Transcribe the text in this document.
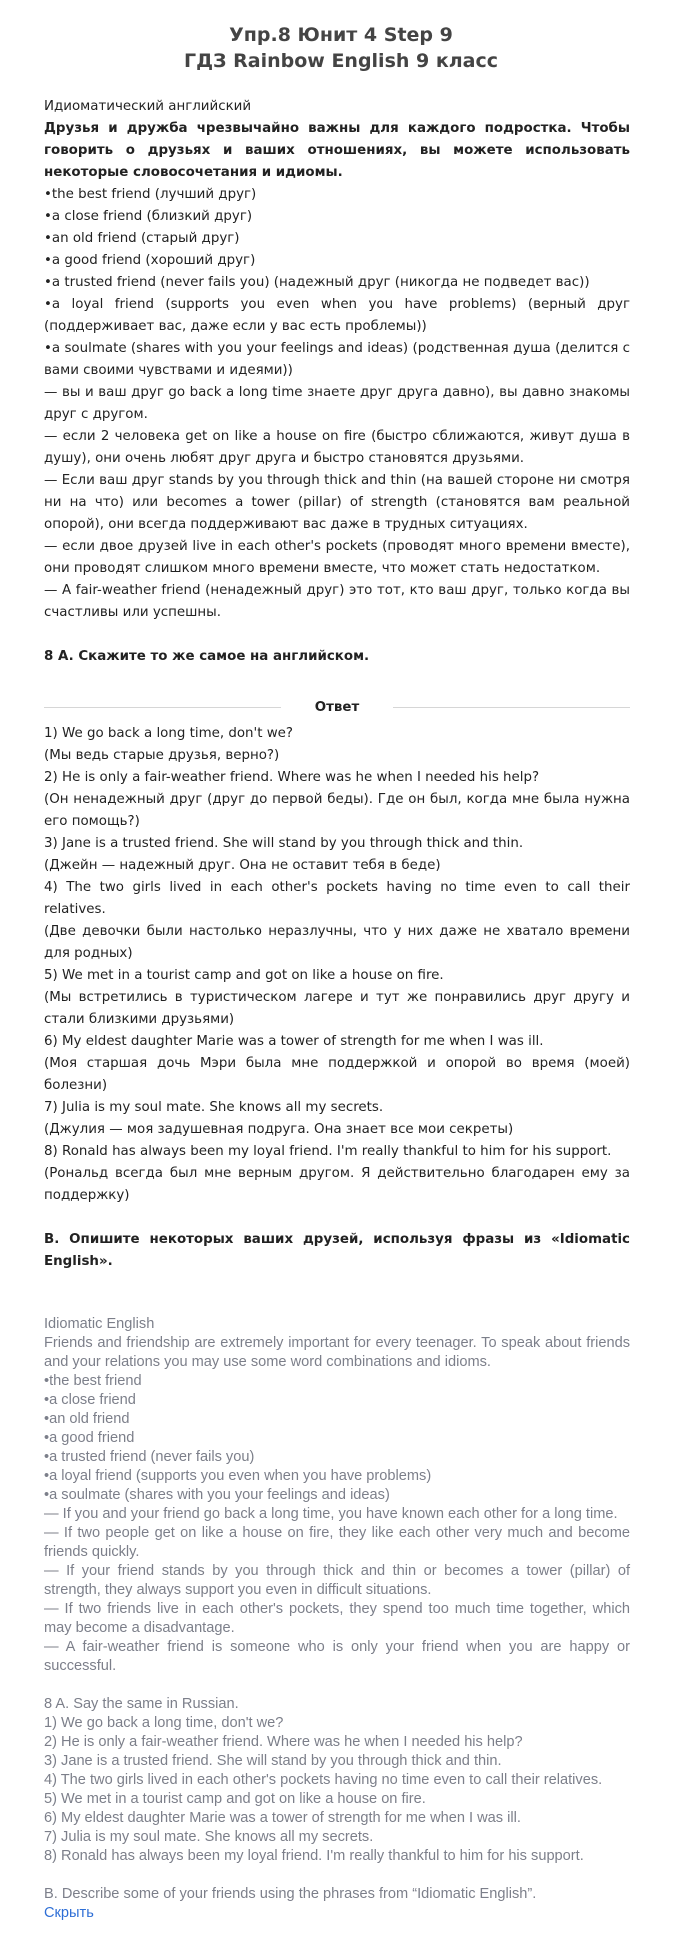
Упр.8 Юнит 4 Step 9
ГДЗ Rainbow English 9 класс

Идиоматический английский

Друзья и дружба чрезвычайно важны для каждого подростка. Чтобы говорить о друзьях и ваших отношениях, вы можете использовать некоторые словосочетания и идиомы.

•the best friend (лучший друг)

•a close friend (близкий друг)

•an old friend (старый друг)

•a good friend (хороший друг)

•a trusted friend (never fails you) (надежный друг (никогда не подведет вас))

•a loyal friend (supports you even when you have problems) (верный друг (поддерживает вас, даже если у вас есть проблемы))

•a soulmate (shares with you your feelings and ideas) (родственная душа (делится с вами своими чувствами и идеями))

— вы и ваш друг go back a long time знаете друг друга давно), вы давно знакомы друг с другом.

— если 2 человека get on like a house on fire (быстро сближаются, живут душа в душу), они очень любят друг друга и быстро становятся друзьями.

— Если ваш друг stands by you through thick and thin (на вашей стороне ни смотря ни на что) или becomes a tower (pillar) of strength (становятся вам реальной опорой), они всегда поддерживают вас даже в трудных ситуациях.

— если двое друзей live in each other's pockets (проводят много времени вместе), они проводят слишком много времени вместе, что может стать недостатком.

— A fair-weather friend (ненадежный друг) это тот, кто ваш друг, только когда вы счастливы или успешны.

8 A. Скажите то же самое на английском.
Ответ

1) We go back a long time, don't we?

(Мы ведь старые друзья, верно?)

2) He is only a fair-weather friend. Where was he when I needed his help?

(Он ненадежный друг (друг до первой беды). Где он был, когда мне была нужна его помощь?)

3) Jane is a trusted friend. She will stand by you through thick and thin.

(Джейн — надежный друг. Она не оставит тебя в беде)

4) The two girls lived in each other's pockets having no time even to call their relatives.

(Две девочки были настолько неразлучны, что у них даже не хватало времени для родных)

5) We met in a tourist camp and got on like a house on fire.

(Мы встретились в туристическом лагере и тут же понравились друг другу и стали близкими друзьями)

6) My eldest daughter Marie was a tower of strength for me when I was ill.

(Моя старшая дочь Мэри была мне поддержкой и опорой во время (моей) болезни)

7) Julia is my soul mate. She knows all my secrets.

(Джулия — моя задушевная подруга. Она знает все мои секреты)

8) Ronald has always been my loyal friend. I'm really thankful to him for his support.

(Рональд всегда был мне верным другом. Я действительно благодарен ему за поддержку)

B. Опишите некоторых ваших друзей, используя фразы из «Idiomatic English».

Idiomatic English

Friends and friendship are extremely important for every teenager. To speak about friends and your relations you may use some word combinations and idioms.

•the best friend

•a close friend

•an old friend

•a good friend

•a trusted friend (never fails you)

•a loyal friend (supports you even when you have problems)

•a soulmate (shares with you your feelings and ideas)

— If you and your friend go back a long time, you have known each other for a long time.

— If two people get on like a house on fire, they like each other very much and become friends quickly.

— If your friend stands by you through thick and thin or becomes a tower (pillar) of strength, they always support you even in difficult situations.

— If two friends live in each other's pockets, they spend too much time together, which may become a disadvantage.

— A fair-weather friend is someone who is only your friend when you are happy or successful.

8 A. Say the same in Russian.

1) We go back a long time, don't we?

2) He is only a fair-weather friend. Where was he when I needed his help?

3) Jane is a trusted friend. She will stand by you through thick and thin.

4) The two girls lived in each other's pockets having no time even to call their relatives.

5) We met in a tourist camp and got on like a house on fire.

6) My eldest daughter Marie was a tower of strength for me when I was ill.

7) Julia is my soul mate. She knows all my secrets.

8) Ronald has always been my loyal friend. I'm really thankful to him for his support.

B. Describe some of your friends using the phrases from “Idiomatic English”.

Скрыть
